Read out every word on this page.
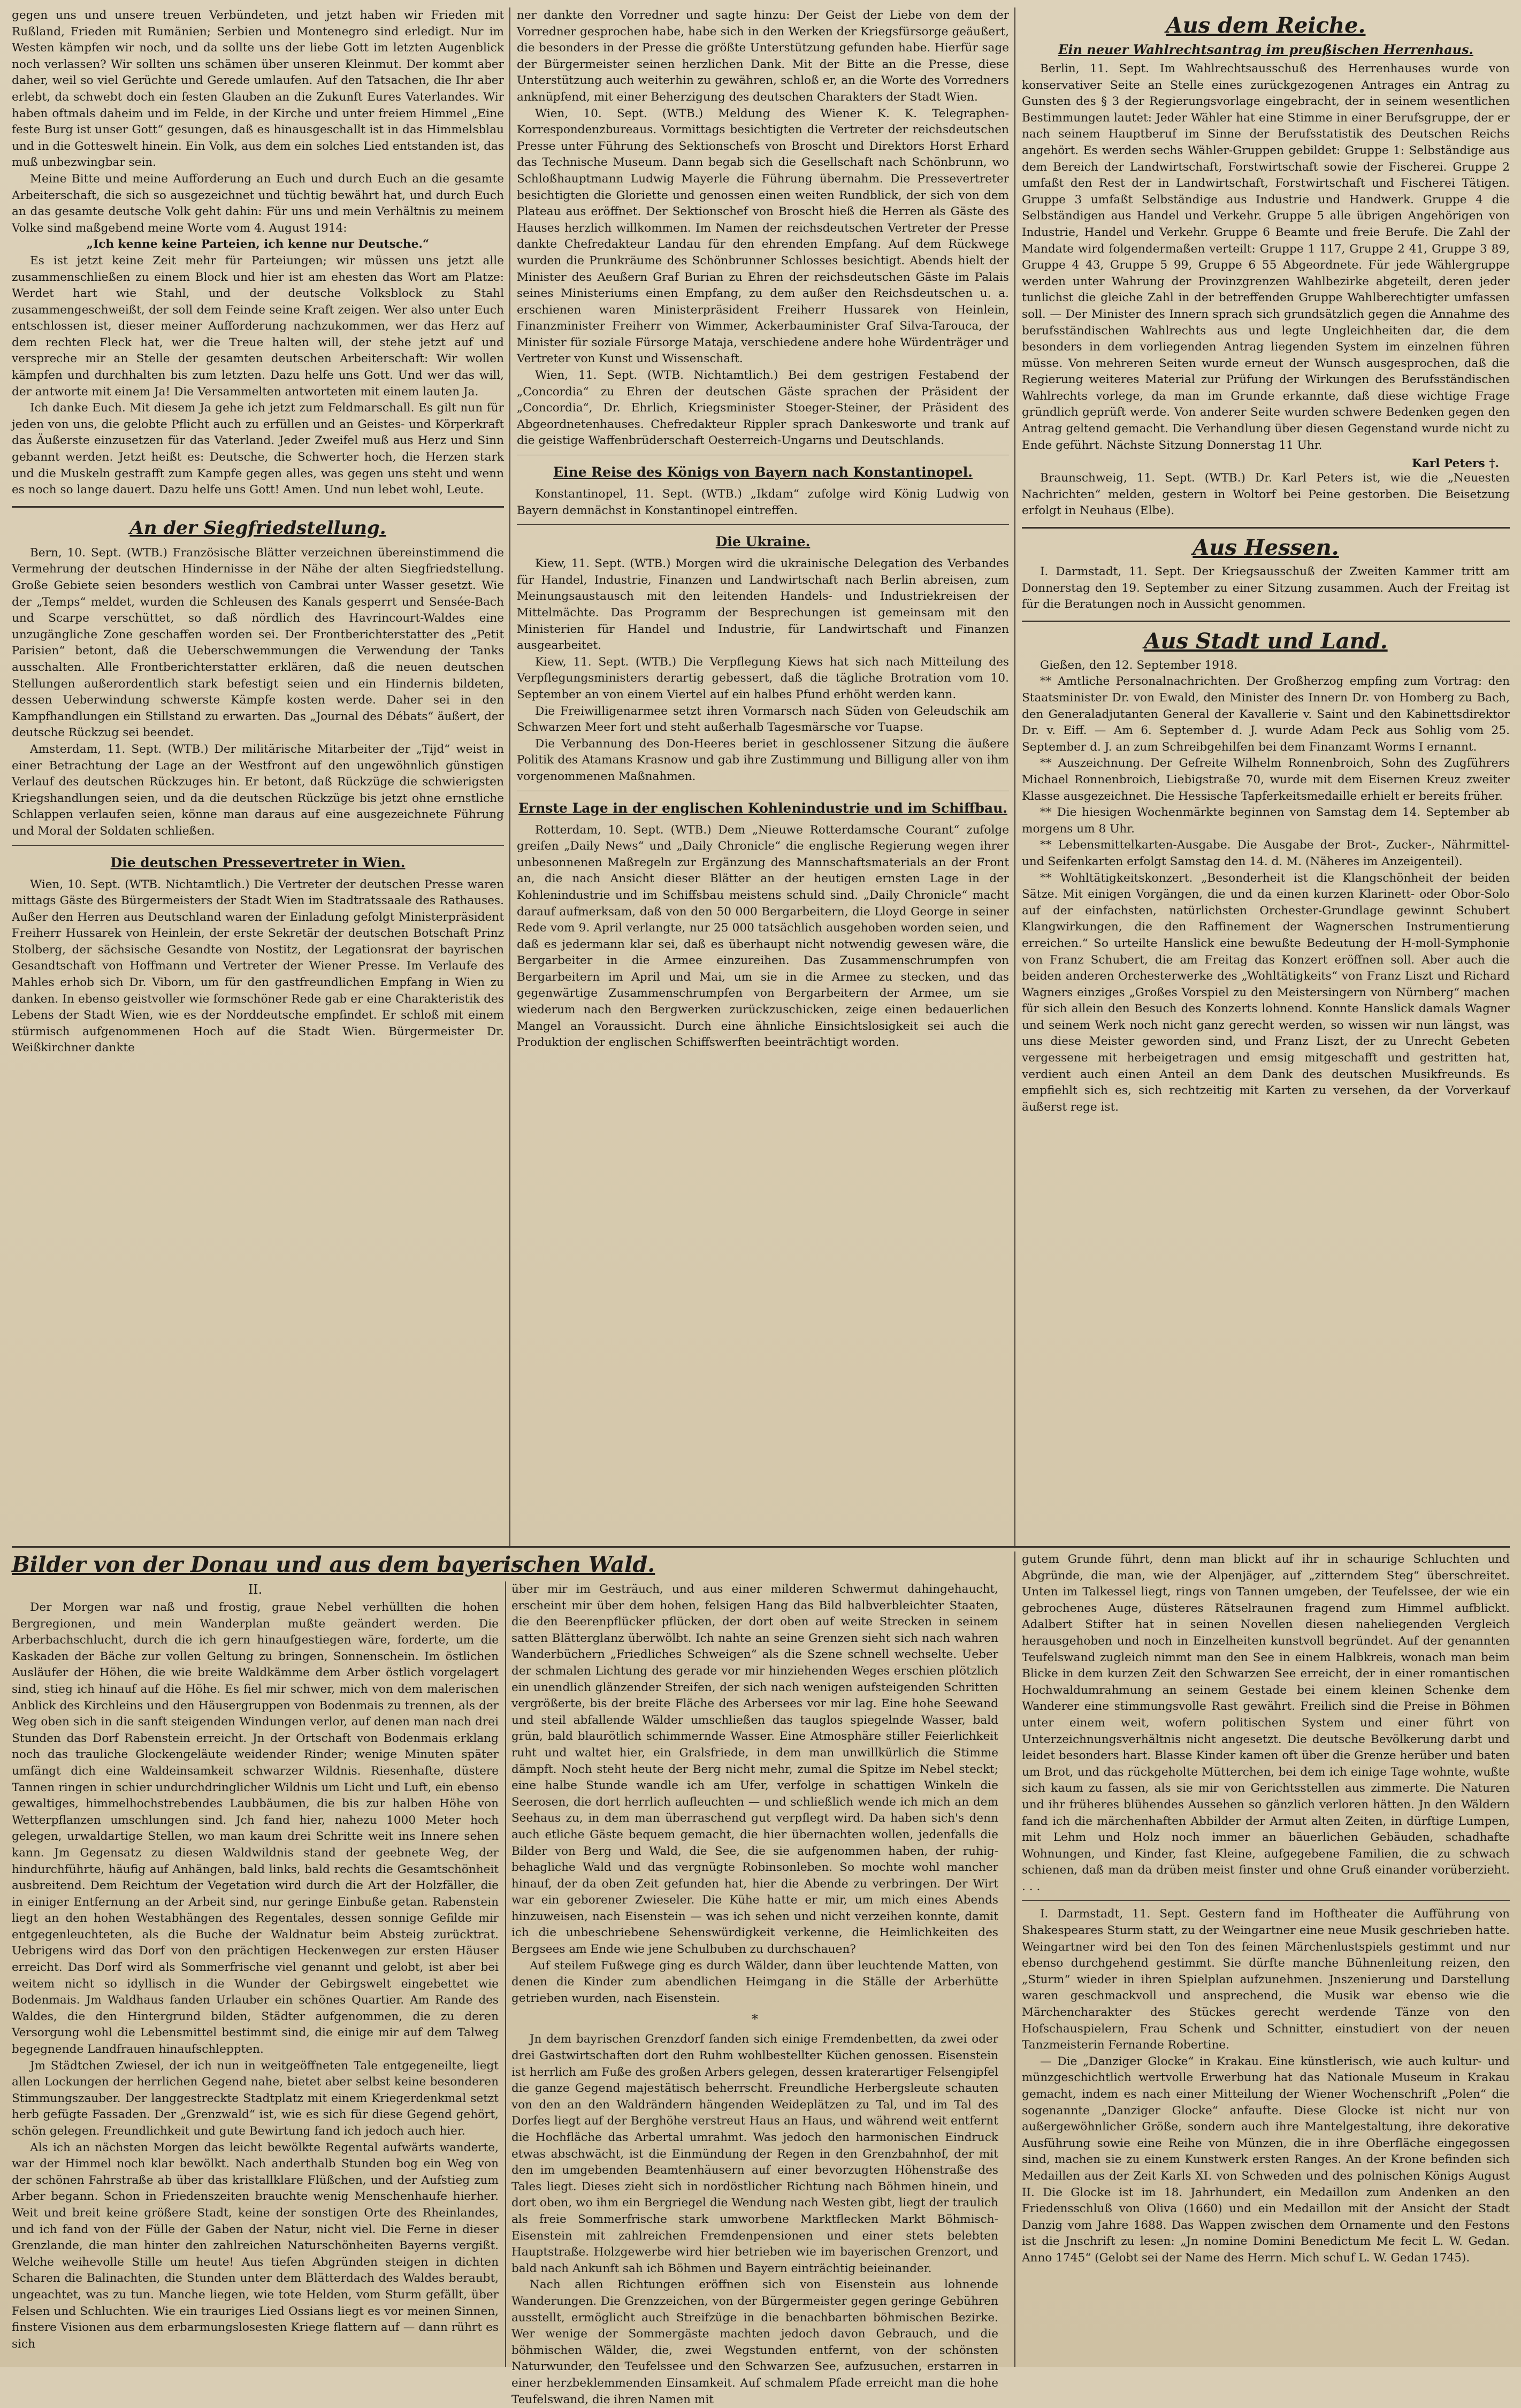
gegen uns und unsere treuen Verbündeten, und jetzt haben wir Frieden mit Rußland, Frieden mit Rumänien; Serbien und Montenegro sind erledigt. Nur im Westen kämpfen wir noch, und da sollte uns der liebe Gott im letzten Augenblick noch verlassen? Wir sollten uns schämen über unseren Kleinmut. Der kommt aber daher, weil so viel Gerüchte und Gerede umlaufen. Auf den Tatsachen, die Ihr aber erlebt, da schwebt doch ein festen Glauben an die Zukunft Eures Vaterlandes. Wir haben oftmals daheim und im Felde, in der Kirche und unter freiem Himmel „Eine feste Burg ist unser Gott“ gesungen, daß es hinausgeschallt ist in das Himmelsblau und in die Gotteswelt hinein. Ein Volk, aus dem ein solches Lied entstanden ist, das muß unbezwingbar sein.

Meine Bitte und meine Aufforderung an Euch und durch Euch an die gesamte Arbeiterschaft, die sich so ausgezeichnet und tüchtig bewährt hat, und durch Euch an das gesamte deutsche Volk geht dahin: Für uns und mein Verhältnis zu meinem Volke sind maßgebend meine Worte vom 4. August 1914:

„Ich kenne keine Parteien, ich kenne nur Deutsche.“

Es ist jetzt keine Zeit mehr für Parteiungen; wir müssen uns jetzt alle zusammenschließen zu einem Block und hier ist am ehesten das Wort am Platze: Werdet hart wie Stahl, und der deutsche Volksblock zu Stahl zusammengeschweißt, der soll dem Feinde seine Kraft zeigen. Wer also unter Euch entschlossen ist, dieser meiner Aufforderung nachzukommen, wer das Herz auf dem rechten Fleck hat, wer die Treue halten will, der stehe jetzt auf und verspreche mir an Stelle der gesamten deutschen Arbeiterschaft: Wir wollen kämpfen und durchhalten bis zum letzten. Dazu helfe uns Gott. Und wer das will, der antworte mit einem Ja! Die Versammelten antworteten mit einem lauten Ja.

Ich danke Euch. Mit diesem Ja gehe ich jetzt zum Feldmarschall. Es gilt nun für jeden von uns, die gelobte Pflicht auch zu erfüllen und an Geistes- und Körperkraft das Äußerste einzusetzen für das Vaterland. Jeder Zweifel muß aus Herz und Sinn gebannt werden. Jetzt heißt es: Deutsche, die Schwerter hoch, die Herzen stark und die Muskeln gestrafft zum Kampfe gegen alles, was gegen uns steht und wenn es noch so lange dauert. Dazu helfe uns Gott! Amen. Und nun lebet wohl, Leute.

An der Siegfriedstellung.

Bern, 10. Sept. (WTB.) Französische Blätter verzeichnen übereinstimmend die Vermehrung der deutschen Hindernisse in der Nähe der alten Siegfriedstellung. Große Gebiete seien besonders westlich von Cambrai unter Wasser gesetzt. Wie der „Temps“ meldet, wurden die Schleusen des Kanals gesperrt und Sensée-Bach und Scarpe verschüttet, so daß nördlich des Havrincourt-Waldes eine unzugängliche Zone geschaffen worden sei. Der Frontberichterstatter des „Petit Parisien“ betont, daß die Ueberschwemmungen die Verwendung der Tanks ausschalten. Alle Frontberichterstatter erklären, daß die neuen deutschen Stellungen außerordentlich stark befestigt seien und ein Hindernis bildeten, dessen Ueberwindung schwerste Kämpfe kosten werde. Daher sei in den Kampfhandlungen ein Stillstand zu erwarten. Das „Journal des Débats“ äußert, der deutsche Rückzug sei beendet.

Amsterdam, 11. Sept. (WTB.) Der militärische Mitarbeiter der „Tijd“ weist in einer Betrachtung der Lage an der Westfront auf den ungewöhnlich günstigen Verlauf des deutschen Rückzuges hin. Er betont, daß Rückzüge die schwierigsten Kriegshandlungen seien, und da die deutschen Rückzüge bis jetzt ohne ernstliche Schlappen verlaufen seien, könne man daraus auf eine ausgezeichnete Führung und Moral der Soldaten schließen.

Die deutschen Pressevertreter in Wien.

Wien, 10. Sept. (WTB. Nichtamtlich.) Die Vertreter der deutschen Presse waren mittags Gäste des Bürgermeisters der Stadt Wien im Stadtratssaale des Rathauses. Außer den Herren aus Deutschland waren der Einladung gefolgt Ministerpräsident Freiherr Hussarek von Heinlein, der erste Sekretär der deutschen Botschaft Prinz Stolberg, der sächsische Gesandte von Nostitz, der Legationsrat der bayrischen Gesandtschaft von Hoffmann und Vertreter der Wiener Presse. Im Verlaufe des Mahles erhob sich Dr. Viborn, um für den gastfreundlichen Empfang in Wien zu danken. In ebenso geistvoller wie formschöner Rede gab er eine Charakteristik des Lebens der Stadt Wien, wie es der Norddeutsche empfindet. Er schloß mit einem stürmisch aufgenommenen Hoch auf die Stadt Wien. Bürgermeister Dr. Weißkirchner dankte

ner dankte den Vorredner und sagte hinzu: Der Geist der Liebe von dem der Vorredner gesprochen habe, habe sich in den Werken der Kriegsfürsorge geäußert, die besonders in der Presse die größte Unterstützung gefunden habe. Hierfür sage der Bürgermeister seinen herzlichen Dank. Mit der Bitte an die Presse, diese Unterstützung auch weiterhin zu gewähren, schloß er, an die Worte des Vorredners anknüpfend, mit einer Beherzigung des deutschen Charakters der Stadt Wien.

Wien, 10. Sept. (WTB.) Meldung des Wiener K. K. Telegraphen-Korrespondenzbureaus. Vormittags besichtigten die Vertreter der reichsdeutschen Presse unter Führung des Sektionschefs von Broscht und Direktors Horst Erhard das Technische Museum. Dann begab sich die Gesellschaft nach Schönbrunn, wo Schloßhauptmann Ludwig Mayerle die Führung übernahm. Die Pressevertreter besichtigten die Gloriette und genossen einen weiten Rundblick, der sich von dem Plateau aus eröffnet. Der Sektionschef von Broscht hieß die Herren als Gäste des Hauses herzlich willkommen. Im Namen der reichsdeutschen Vertreter der Presse dankte Chefredakteur Landau für den ehrenden Empfang. Auf dem Rückwege wurden die Prunkräume des Schönbrunner Schlosses besichtigt. Abends hielt der Minister des Aeußern Graf Burian zu Ehren der reichsdeutschen Gäste im Palais seines Ministeriums einen Empfang, zu dem außer den Reichsdeutschen u. a. erschienen waren Ministerpräsident Freiherr Hussarek von Heinlein, Finanzminister Freiherr von Wimmer, Ackerbauminister Graf Silva-Tarouca, der Minister für soziale Fürsorge Mataja, verschiedene andere hohe Würdenträger und Vertreter von Kunst und Wissenschaft.

Wien, 11. Sept. (WTB. Nichtamtlich.) Bei dem gestrigen Festabend der „Concordia“ zu Ehren der deutschen Gäste sprachen der Präsident der „Concordia“, Dr. Ehrlich, Kriegsminister Stoeger-Steiner, der Präsident des Abgeordnetenhauses. Chefredakteur Rippler sprach Dankesworte und trank auf die geistige Waffenbrüderschaft Oesterreich-Ungarns und Deutschlands.

Eine Reise des Königs von Bayern nach Konstantinopel.

Konstantinopel, 11. Sept. (WTB.) „Ikdam“ zufolge wird König Ludwig von Bayern demnächst in Konstantinopel eintreffen.

Die Ukraine.

Kiew, 11. Sept. (WTB.) Morgen wird die ukrainische Delegation des Verbandes für Handel, Industrie, Finanzen und Landwirtschaft nach Berlin abreisen, zum Meinungsaustausch mit den leitenden Handels- und Industriekreisen der Mittelmächte. Das Programm der Besprechungen ist gemeinsam mit den Ministerien für Handel und Industrie, für Landwirtschaft und Finanzen ausgearbeitet.

Kiew, 11. Sept. (WTB.) Die Verpflegung Kiews hat sich nach Mitteilung des Verpflegungsministers derartig gebessert, daß die tägliche Brotration vom 10. September an von einem Viertel auf ein halbes Pfund erhöht werden kann.

Die Freiwilligenarmee setzt ihren Vormarsch nach Süden von Geleudschik am Schwarzen Meer fort und steht außerhalb Tagesmärsche vor Tuapse.

Die Verbannung des Don-Heeres beriet in geschlossener Sitzung die äußere Politik des Atamans Krasnow und gab ihre Zustimmung und Billigung aller von ihm vorgenommenen Maßnahmen.

Ernste Lage in der englischen Kohlenindustrie und im Schiffbau.

Rotterdam, 10. Sept. (WTB.) Dem „Nieuwe Rotterdamsche Courant“ zufolge greifen „Daily News“ und „Daily Chronicle“ die englische Regierung wegen ihrer unbesonnenen Maßregeln zur Ergänzung des Mannschaftsmaterials an der Front an, die nach Ansicht dieser Blätter an der heutigen ernsten Lage in der Kohlenindustrie und im Schiffsbau meistens schuld sind. „Daily Chronicle“ macht darauf aufmerksam, daß von den 50 000 Bergarbeitern, die Lloyd George in seiner Rede vom 9. April verlangte, nur 25 000 tatsächlich ausgehoben worden seien, und daß es jedermann klar sei, daß es überhaupt nicht notwendig gewesen wäre, die Bergarbeiter in die Armee einzureihen. Das Zusammenschrumpfen von Bergarbeitern im April und Mai, um sie in die Armee zu stecken, und das gegenwärtige Zusammenschrumpfen von Bergarbeitern der Armee, um sie wiederum nach den Bergwerken zurückzuschicken, zeige einen bedauerlichen Mangel an Voraussicht. Durch eine ähnliche Einsichtslosigkeit sei auch die Produktion der englischen Schiffswerften beeinträchtigt worden.

Aus dem Reiche.
Ein neuer Wahlrechtsantrag im preußischen Herrenhaus.

Berlin, 11. Sept. Im Wahlrechtsausschuß des Herrenhauses wurde von konservativer Seite an Stelle eines zurückgezogenen Antrages ein Antrag zu Gunsten des § 3 der Regierungsvorlage eingebracht, der in seinem wesentlichen Bestimmungen lautet: Jeder Wähler hat eine Stimme in einer Berufsgruppe, der er nach seinem Hauptberuf im Sinne der Berufsstatistik des Deutschen Reichs angehört. Es werden sechs Wähler-Gruppen gebildet: Gruppe 1: Selbständige aus dem Bereich der Landwirtschaft, Forstwirtschaft sowie der Fischerei. Gruppe 2 umfaßt den Rest der in Landwirtschaft, Forstwirtschaft und Fischerei Tätigen. Gruppe 3 umfaßt Selbständige aus Industrie und Handwerk. Gruppe 4 die Selbständigen aus Handel und Verkehr. Gruppe 5 alle übrigen Angehörigen von Industrie, Handel und Verkehr. Gruppe 6 Beamte und freie Berufe. Die Zahl der Mandate wird folgendermaßen verteilt: Gruppe 1 117, Gruppe 2 41, Gruppe 3 89, Gruppe 4 43, Gruppe 5 99, Gruppe 6 55 Abgeordnete. Für jede Wählergruppe werden unter Wahrung der Provinzgrenzen Wahlbezirke abgeteilt, deren jeder tunlichst die gleiche Zahl in der betreffenden Gruppe Wahlberechtigter umfassen soll. — Der Minister des Innern sprach sich grundsätzlich gegen die Annahme des berufsständischen Wahlrechts aus und legte Ungleichheiten dar, die dem besonders in dem vorliegenden Antrag liegenden System im einzelnen führen müsse. Von mehreren Seiten wurde erneut der Wunsch ausgesprochen, daß die Regierung weiteres Material zur Prüfung der Wirkungen des Berufsständischen Wahlrechts vorlege, da man im Grunde erkannte, daß diese wichtige Frage gründlich geprüft werde. Von anderer Seite wurden schwere Bedenken gegen den Antrag geltend gemacht. Die Verhandlung über diesen Gegenstand wurde nicht zu Ende geführt. Nächste Sitzung Donnerstag 11 Uhr.

Karl Peters †.

Braunschweig, 11. Sept. (WTB.) Dr. Karl Peters ist, wie die „Neuesten Nachrichten“ melden, gestern in Woltorf bei Peine gestorben. Die Beisetzung erfolgt in Neuhaus (Elbe).

Aus Hessen.

I. Darmstadt, 11. Sept. Der Kriegsausschuß der Zweiten Kammer tritt am Donnerstag den 19. September zu einer Sitzung zusammen. Auch der Freitag ist für die Beratungen noch in Aussicht genommen.

Aus Stadt und Land.

Gießen, den 12. September 1918.

** Amtliche Personalnachrichten. Der Großherzog empfing zum Vortrag: den Staatsminister Dr. von Ewald, den Minister des Innern Dr. von Homberg zu Bach, den Generaladjutanten General der Kavallerie v. Saint und den Kabinettsdirektor Dr. v. Eiff. — Am 6. September d. J. wurde Adam Peck aus Sohlig vom 25. September d. J. an zum Schreibgehilfen bei dem Finanzamt Worms I ernannt.

** Auszeichnung. Der Gefreite Wilhelm Ronnenbroich, Sohn des Zugführers Michael Ronnenbroich, Liebigstraße 70, wurde mit dem Eisernen Kreuz zweiter Klasse ausgezeichnet. Die Hessische Tapferkeitsmedaille erhielt er bereits früher.

** Die hiesigen Wochenmärkte beginnen von Samstag dem 14. September ab morgens um 8 Uhr.

** Lebensmittelkarten-Ausgabe. Die Ausgabe der Brot-, Zucker-, Nährmittel- und Seifenkarten erfolgt Samstag den 14. d. M. (Näheres im Anzeigenteil).

** Wohltätigkeitskonzert. „Besonderheit ist die Klangschönheit der beiden Sätze. Mit einigen Vorgängen, die und da einen kurzen Klarinett- oder Obor-Solo auf der einfachsten, natürlichsten Orchester-Grundlage gewinnt Schubert Klangwirkungen, die den Raffinement der Wagnerschen Instrumentierung erreichen.“ So urteilte Hanslick eine bewußte Bedeutung der H-moll-Symphonie von Franz Schubert, die am Freitag das Konzert eröffnen soll. Aber auch die beiden anderen Orchesterwerke des „Wohltätigkeits“ von Franz Liszt und Richard Wagners einziges „Großes Vorspiel zu den Meistersingern von Nürnberg“ machen für sich allein den Besuch des Konzerts lohnend. Konnte Hanslick damals Wagner und seinem Werk noch nicht ganz gerecht werden, so wissen wir nun längst, was uns diese Meister geworden sind, und Franz Liszt, der zu Unrecht Gebeten vergessene mit herbeigetragen und emsig mitgeschafft und gestritten hat, verdient auch einen Anteil an dem Dank des deutschen Musikfreunds. Es empfiehlt sich es, sich rechtzeitig mit Karten zu versehen, da der Vorverkauf äußerst rege ist.

Bilder von der Donau und aus dem bayerischen Wald.
II.

Der Morgen war naß und frostig, graue Nebel verhüllten die hohen Bergregionen, und mein Wanderplan mußte geändert werden. Die Arberbachschlucht, durch die ich gern hinaufgestiegen wäre, forderte, um die Kaskaden der Bäche zur vollen Geltung zu bringen, Sonnenschein. Im östlichen Ausläufer der Höhen, die wie breite Waldkämme dem Arber östlich vorgelagert sind, stieg ich hinauf auf die Höhe. Es fiel mir schwer, mich von dem malerischen Anblick des Kirchleins und den Häusergruppen von Bodenmais zu trennen, als der Weg oben sich in die sanft steigenden Windungen verlor, auf denen man nach drei Stunden das Dorf Rabenstein erreicht. Jn der Ortschaft von Bodenmais erklang noch das trauliche Glockengeläute weidender Rinder; wenige Minuten später umfängt dich eine Waldeinsamkeit schwarzer Wildnis. Riesenhafte, düstere Tannen ringen in schier undurchdringlicher Wildnis um Licht und Luft, ein ebenso gewaltiges, himmelhochstrebendes Laubbäumen, die bis zur halben Höhe von Wetterpflanzen umschlungen sind. Jch fand hier, nahezu 1000 Meter hoch gelegen, urwaldartige Stellen, wo man kaum drei Schritte weit ins Innere sehen kann. Jm Gegensatz zu diesen Waldwildnis stand der geebnete Weg, der hindurchführte, häufig auf Anhängen, bald links, bald rechts die Gesamtschönheit ausbreitend. Dem Reichtum der Vegetation wird durch die Art der Holzfäller, die in einiger Entfernung an der Arbeit sind, nur geringe Einbuße getan. Rabenstein liegt an den hohen Westabhängen des Regentales, dessen sonnige Gefilde mir entgegenleuchteten, als die Buche der Waldnatur beim Absteig zurücktrat. Uebrigens wird das Dorf von den prächtigen Heckenwegen zur ersten Häuser erreicht. Das Dorf wird als Sommerfrische viel genannt und gelobt, ist aber bei weitem nicht so idyllisch in die Wunder der Gebirgswelt eingebettet wie Bodenmais. Jm Waldhaus fanden Urlauber ein schönes Quartier. Am Rande des Waldes, die den Hintergrund bilden, Städter aufgenommen, die zu deren Versorgung wohl die Lebensmittel bestimmt sind, die einige mir auf dem Talweg begegnende Landfrauen hinaufschleppten.

Jm Städtchen Zwiesel, der ich nun in weitgeöffneten Tale entgegeneilte, liegt allen Lockungen der herrlichen Gegend nahe, bietet aber selbst keine besonderen Stimmungszauber. Der langgestreckte Stadtplatz mit einem Kriegerdenkmal setzt herb gefügte Fassaden. Der „Grenzwald“ ist, wie es sich für diese Gegend gehört, schön gelegen. Freundlichkeit und gute Bewirtung fand ich jedoch auch hier.

Als ich an nächsten Morgen das leicht bewölkte Regental aufwärts wanderte, war der Himmel noch klar bewölkt. Nach anderthalb Stunden bog ein Weg von der schönen Fahrstraße ab über das kristallklare Flüßchen, und der Aufstieg zum Arber begann. Schon in Friedenszeiten brauchte wenig Menschenhaufe hierher. Weit und breit keine größere Stadt, keine der sonstigen Orte des Rheinlandes, und ich fand von der Fülle der Gaben der Natur, nicht viel. Die Ferne in dieser Grenzlande, die man hinter den zahlreichen Naturschönheiten Bayerns vergißt. Welche weihevolle Stille um heute! Aus tiefen Abgründen steigen in dichten Scharen die Balinachten, die Stunden unter dem Blätterdach des Waldes beraubt, ungeachtet, was zu tun. Manche liegen, wie tote Helden, vom Sturm gefällt, über Felsen und Schluchten. Wie ein trauriges Lied Ossians liegt es vor meinen Sinnen, finstere Visionen aus dem erbarmungslosesten Kriege flattern auf — dann rührt es sich

über mir im Gesträuch, und aus einer milderen Schwermut dahingehaucht, erscheint mir über dem hohen, felsigen Hang das Bild halbverbleichter Staaten, die den Beerenpflücker pflücken, der dort oben auf weite Strecken in seinem satten Blätterglanz überwölbt. Ich nahte an seine Grenzen sieht sich nach wahren Wanderbüchern „Friedliches Schweigen“ als die Szene schnell wechselte. Ueber der schmalen Lichtung des gerade vor mir hinziehenden Weges erschien plötzlich ein unendlich glänzender Streifen, der sich nach wenigen aufsteigenden Schritten vergrößerte, bis der breite Fläche des Arbersees vor mir lag. Eine hohe Seewand und steil abfallende Wälder umschließen das tauglos spiegelnde Wasser, bald grün, bald blaurötlich schimmernde Wasser. Eine Atmosphäre stiller Feierlichkeit ruht und waltet hier, ein Gralsfriede, in dem man unwillkürlich die Stimme dämpft. Noch steht heute der Berg nicht mehr, zumal die Spitze im Nebel steckt; eine halbe Stunde wandle ich am Ufer, verfolge in schattigen Winkeln die Seerosen, die dort herrlich aufleuchten — und schließlich wende ich mich an dem Seehaus zu, in dem man überraschend gut verpflegt wird. Da haben sich's denn auch etliche Gäste bequem gemacht, die hier übernachten wollen, jedenfalls die Bilder von Berg und Wald, die See, die sie aufgenommen haben, der ruhig-behagliche Wald und das vergnügte Robinsonleben. So mochte wohl mancher hinauf, der da oben Zeit gefunden hat, hier die Abende zu verbringen. Der Wirt war ein geborener Zwieseler. Die Kühe hatte er mir, um mich eines Abends hinzuweisen, nach Eisenstein — was ich sehen und nicht verzeihen konnte, damit ich die unbeschriebene Sehenswürdigkeit verkenne, die Heimlichkeiten des Bergsees am Ende wie jene Schulbuben zu durchschauen?

Auf steilem Fußwege ging es durch Wälder, dann über leuchtende Matten, von denen die Kinder zum abendlichen Heimgang in die Ställe der Arberhütte getrieben wurden, nach Eisenstein.

*

Jn dem bayrischen Grenzdorf fanden sich einige Fremdenbetten, da zwei oder drei Gastwirtschaften dort den Ruhm wohlbestellter Küchen genossen. Eisenstein ist herrlich am Fuße des großen Arbers gelegen, dessen kraterartiger Felsengipfel die ganze Gegend majestätisch beherrscht. Freundliche Herbergsleute schauten von den an den Waldrändern hängenden Weideplätzen zu Tal, und im Tal des Dorfes liegt auf der Berghöhe verstreut Haus an Haus, und während weit entfernt die Hochfläche das Arbertal umrahmt. Was jedoch den harmonischen Eindruck etwas abschwächt, ist die Einmündung der Regen in den Grenzbahnhof, der mit den im umgebenden Beamtenhäusern auf einer bevorzugten Höhenstraße des Tales liegt. Dieses zieht sich in nordöstlicher Richtung nach Böhmen hinein, und dort oben, wo ihm ein Bergriegel die Wendung nach Westen gibt, liegt der traulich als freie Sommerfrische stark umworbene Marktflecken Markt Böhmisch-Eisenstein mit zahlreichen Fremdenpensionen und einer stets belebten Hauptstraße. Holzgewerbe wird hier betrieben wie im bayerischen Grenzort, und bald nach Ankunft sah ich Böhmen und Bayern einträchtig beieinander.

Nach allen Richtungen eröffnen sich von Eisenstein aus lohnende Wanderungen. Die Grenzzeichen, von der Bürgermeister gegen geringe Gebühren ausstellt, ermöglicht auch Streifzüge in die benachbarten böhmischen Bezirke. Wer wenige der Sommergäste machten jedoch davon Gebrauch, und die böhmischen Wälder, die, zwei Wegstunden entfernt, von der schönsten Naturwunder, den Teufelssee und den Schwarzen See, aufzusuchen, erstarren in einer herzbeklemmenden Einsamkeit. Auf schmalem Pfade erreicht man die hohe Teufelswand, die ihren Namen mit

gutem Grunde führt, denn man blickt auf ihr in schaurige Schluchten und Abgründe, die man, wie der Alpenjäger, auf „zitterndem Steg“ überschreitet. Unten im Talkessel liegt, rings von Tannen umgeben, der Teufelssee, der wie ein gebrochenes Auge, düsteres Rätselraunen fragend zum Himmel aufblickt. Adalbert Stifter hat in seinen Novellen diesen naheliegenden Vergleich herausgehoben und noch in Einzelheiten kunstvoll begründet. Auf der genannten Teufelswand zugleich nimmt man den See in einem Halbkreis, wonach man beim Blicke in dem kurzen Zeit den Schwarzen See erreicht, der in einer romantischen Hochwaldumrahmung an seinem Gestade bei einem kleinen Schenke dem Wanderer eine stimmungsvolle Rast gewährt. Freilich sind die Preise in Böhmen unter einem weit, wofern politischen System und einer führt von Unterzeichnungsverhältnis nicht angesetzt. Die deutsche Bevölkerung darbt und leidet besonders hart. Blasse Kinder kamen oft über die Grenze herüber und baten um Brot, und das rückgeholte Mütterchen, bei dem ich einige Tage wohnte, wußte sich kaum zu fassen, als sie mir von Gerichtsstellen aus zimmerte. Die Naturen und ihr früheres blühendes Aussehen so gänzlich verloren hätten. Jn den Wäldern fand ich die märchenhaften Abbilder der Armut alten Zeiten, in dürftige Lumpen, mit Lehm und Holz noch immer an bäuerlichen Gebäuden, schadhafte Wohnungen, und Kinder, fast Kleine, aufgegebene Familien, die zu schwach schienen, daß man da drüben meist finster und ohne Gruß einander vorüberzieht. . . .

I. Darmstadt, 11. Sept. Gestern fand im Hoftheater die Aufführung von Shakespeares Sturm statt, zu der Weingartner eine neue Musik geschrieben hatte. Weingartner wird bei den Ton des feinen Märchenlustspiels gestimmt und nur ebenso durchgehend gestimmt. Sie dürfte manche Bühnenleitung reizen, den „Sturm“ wieder in ihren Spielplan aufzunehmen. Jnszenierung und Darstellung waren geschmackvoll und ansprechend, die Musik war ebenso wie die Märchencharakter des Stückes gerecht werdende Tänze von den Hofschauspielern, Frau Schenk und Schnitter, einstudiert von der neuen Tanzmeisterin Fernande Robertine.

— Die „Danziger Glocke“ in Krakau. Eine künstlerisch, wie auch kultur- und münzgeschichtlich wertvolle Erwerbung hat das Nationale Museum in Krakau gemacht, indem es nach einer Mitteilung der Wiener Wochenschrift „Polen“ die sogenannte „Danziger Glocke“ anfaufte. Diese Glocke ist nicht nur von außergewöhnlicher Größe, sondern auch ihre Mantelgestaltung, ihre dekorative Ausführung sowie eine Reihe von Münzen, die in ihre Oberfläche eingegossen sind, machen sie zu einem Kunstwerk ersten Ranges. An der Krone befinden sich Medaillen aus der Zeit Karls XI. von Schweden und des polnischen Königs August II. Die Glocke ist im 18. Jahrhundert, ein Medaillon zum Andenken an den Friedensschluß von Oliva (1660) und ein Medaillon mit der Ansicht der Stadt Danzig vom Jahre 1688. Das Wappen zwischen dem Ornamente und den Festons ist die Jnschrift zu lesen: „Jn nomine Domini Benedictum Me fecit L. W. Gedan. Anno 1745“ (Gelobt sei der Name des Herrn. Mich schuf L. W. Gedan 1745).
